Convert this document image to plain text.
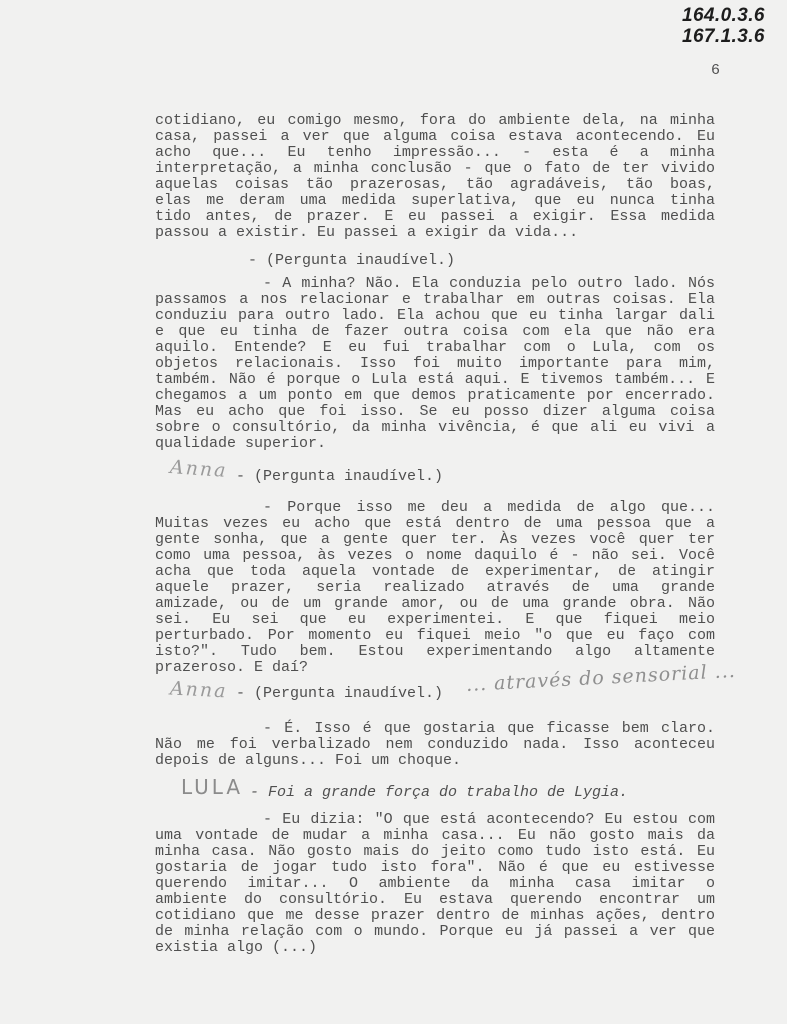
164.0.3.6
167.1.3.6
6
cotidiano, eu comigo mesmo, fora do ambiente dela, na minha
casa, passei a ver que alguma coisa estava acontecendo. Eu
acho que... Eu tenho impressão... - esta é a minha
interpretação, a minha conclusão - que o fato de ter vivido
aquelas coisas tão prazerosas, tão agradáveis, tão boas,
elas me deram uma medida superlativa, que eu nunca tinha
tido antes, de prazer. E eu passei a exigir. Essa medida
passou a existir. Eu passei a exigir da vida...
- (Pergunta inaudível.)
- A minha? Não. Ela conduzia pelo outro lado. Nós
passamos a nos relacionar e trabalhar em outras coisas. Ela
conduziu para outro lado. Ela achou que eu tinha largar dali
e que eu tinha de fazer outra coisa com ela que não era
aquilo. Entende? E eu fui trabalhar com o Lula, com os
objetos relacionais. Isso foi muito importante para mim,
também. Não é porque o Lula está aqui. E tivemos também... E
chegamos a um ponto em que demos praticamente por encerrado.
Mas eu acho que foi isso. Se eu posso dizer alguma coisa
sobre o consultório, da minha vivência, é que ali eu vivi a
qualidade superior.
Anna - (Pergunta inaudível.)
- Porque isso me deu a medida de algo que...
Muitas vezes eu acho que está dentro de uma pessoa que a
gente sonha, que a gente quer ter. Às vezes você quer ter
como uma pessoa, às vezes o nome daquilo é - não sei. Você
acha que toda aquela vontade de experimentar, de atingir
aquele prazer, seria realizado através de uma grande
amizade, ou de um grande amor, ou de uma grande obra. Não
sei. Eu sei que eu experimentei. E que fiquei meio
perturbado. Por momento eu fiquei meio "o que eu faço com
isto?". Tudo bem. Estou experimentando algo altamente
prazeroso. E daí?
Anna - (Pergunta inaudível.) ... através do sensorial ...
- É. Isso é que gostaria que ficasse bem claro.
Não me foi verbalizado nem conduzido nada. Isso aconteceu
depois de alguns... Foi um choque.
LULA - Foi a grande força do trabalho de Lygia.
- Eu dizia: "O que está acontecendo? Eu estou com
uma vontade de mudar a minha casa... Eu não gosto mais da
minha casa. Não gosto mais do jeito como tudo isto está. Eu
gostaria de jogar tudo isto fora". Não é que eu estivesse
querendo imitar... O ambiente da minha casa imitar o
ambiente do consultório. Eu estava querendo encontrar um
cotidiano que me desse prazer dentro de minhas ações, dentro
de minha relação com o mundo. Porque eu já passei a ver que
existia algo (...)
